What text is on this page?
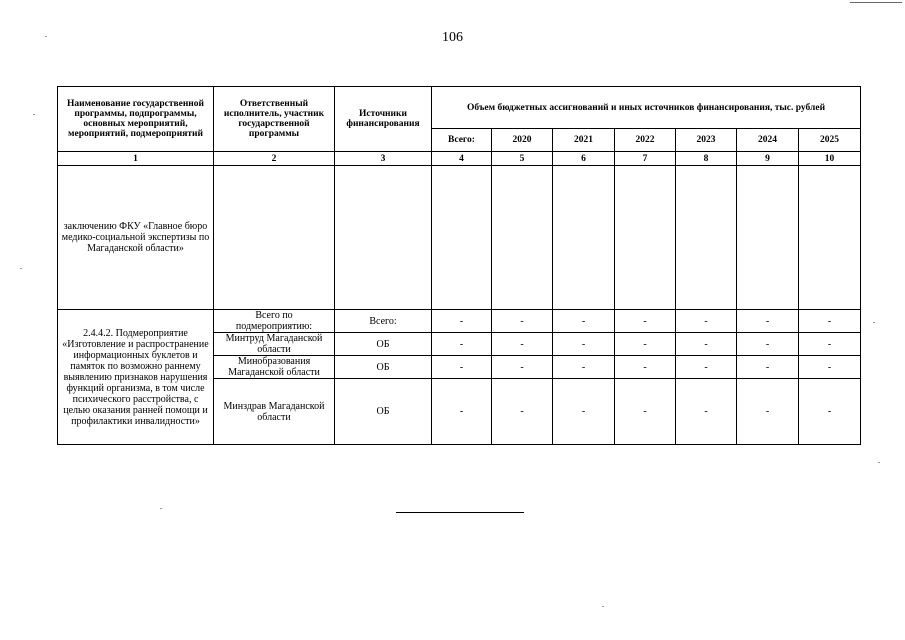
106
Наименование государственной программы, подпрограммы, основных мероприятий, мероприятий, подмероприятий	Ответственный исполнитель, участник государственной программы	Источники финансирования	Объем бюджетных ассигнований и иных источников финансирования, тыс. рублей						
			Всего:	2020	2021	2022	2023	2024	2025
1	2	3	4	5	6	7	8	9	10
заключению ФКУ «Главное бюро медико-социальной экспертизы по Магаданской области»									
2.4.4.2. Подмероприятие «Изготовление и распространение информационных буклетов и памяток по возможно раннему выявлению признаков нарушения функций организма, в том числе психического расстройства, с целью оказания ранней помощи и профилактики инвалидности»	Всего по подмероприятию:	Всего:	-	-	-	-	-	-	-
	Минтруд Магаданской области	ОБ	-	-	-	-	-	-	-
	Минобразования Магаданской области	ОБ	-	-	-	-	-	-	-
	Минздрав Магаданской области	ОБ	-	-	-	-	-	-	-
